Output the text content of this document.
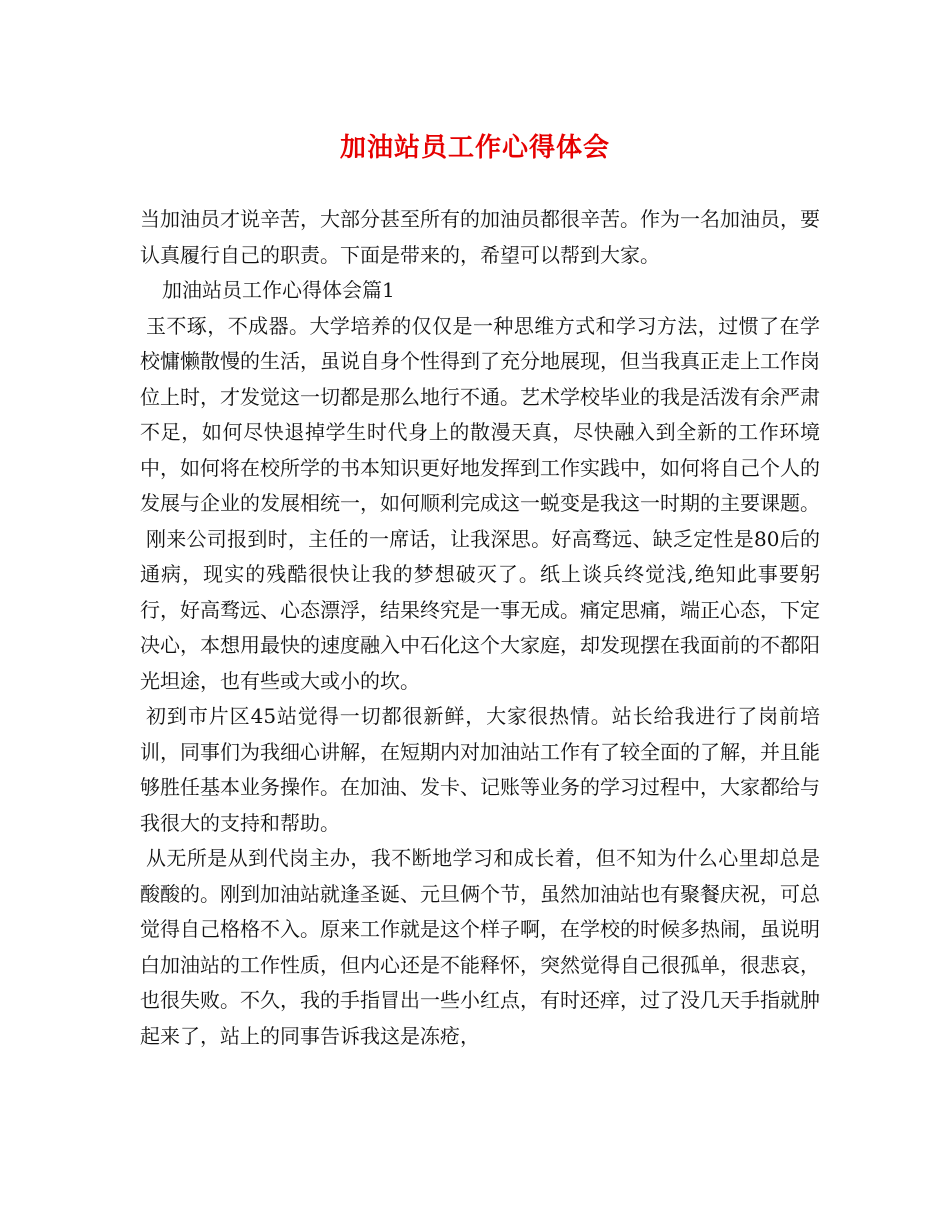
加油站员工作心得体会

当加油员才说辛苦，大部分甚至所有的加油员都很辛苦。作为一名加油员，要认真履行自己的职责。下面是带来的，希望可以帮到大家。

加油站员工作心得体会篇1

玉不琢，不成器。大学培养的仅仅是一种思维方式和学习方法，过惯了在学校慵懒散慢的生活，虽说自身个性得到了充分地展现，但当我真正走上工作岗位上时，才发觉这一切都是那么地行不通。艺术学校毕业的我是活泼有余严肃不足，如何尽快退掉学生时代身上的散漫天真，尽快融入到全新的工作环境中，如何将在校所学的书本知识更好地发挥到工作实践中，如何将自己个人的发展与企业的发展相统一，如何顺利完成这一蜕变是我这一时期的主要课题。

刚来公司报到时，主任的一席话，让我深思。好高骛远、缺乏定性是80后的通病，现实的残酷很快让我的梦想破灭了。纸上谈兵终觉浅,绝知此事要躬行，好高骛远、心态漂浮，结果终究是一事无成。痛定思痛，端正心态，下定决心，本想用最快的速度融入中石化这个大家庭，却发现摆在我面前的不都阳光坦途，也有些或大或小的坎。

初到市片区45站觉得一切都很新鲜，大家很热情。站长给我进行了岗前培训，同事们为我细心讲解，在短期内对加油站工作有了较全面的了解，并且能够胜任基本业务操作。在加油、发卡、记账等业务的学习过程中，大家都给与我很大的支持和帮助。

从无所是从到代岗主办，我不断地学习和成长着，但不知为什么心里却总是酸酸的。刚到加油站就逢圣诞、元旦俩个节，虽然加油站也有聚餐庆祝，可总觉得自己格格不入。原来工作就是这个样子啊，在学校的时候多热闹，虽说明白加油站的工作性质，但内心还是不能释怀，突然觉得自己很孤单，很悲哀，也很失败。不久，我的手指冒出一些小红点，有时还痒，过了没几天手指就肿起来了，站上的同事告诉我这是冻疮，
